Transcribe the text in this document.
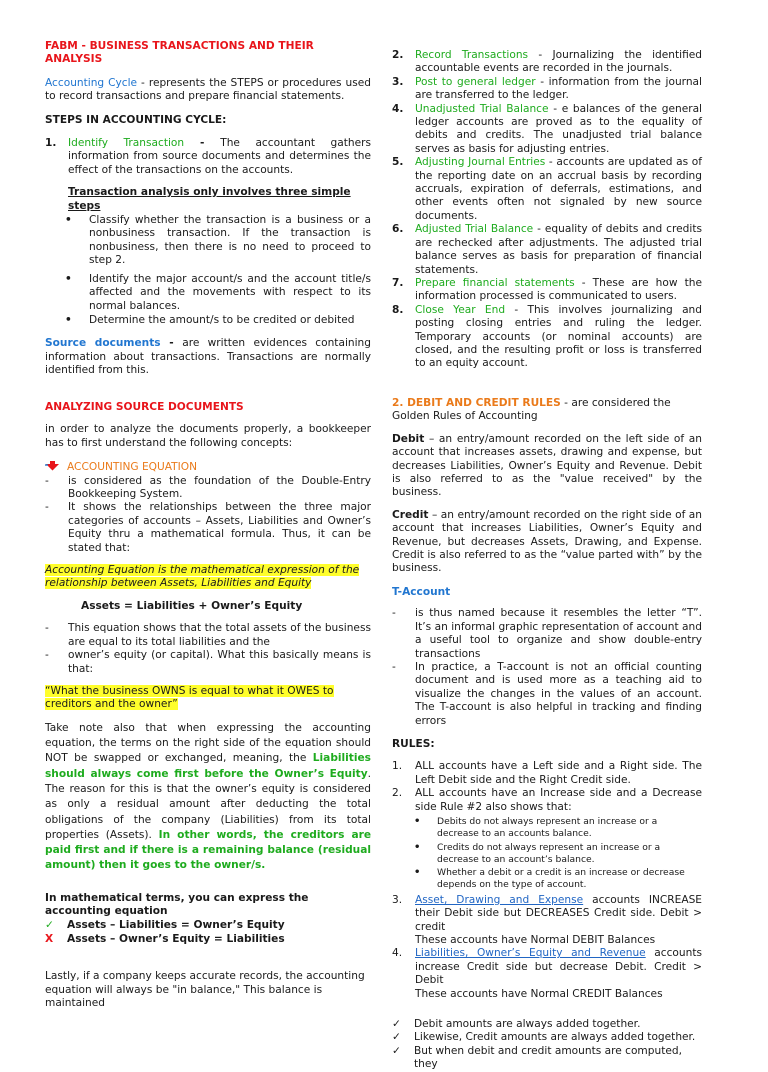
FABM - BUSINESS TRANSACTIONS AND THEIR ANALYSIS

Accounting Cycle - represents the STEPS or procedures used to record transactions and prepare financial statements.

STEPS IN ACCOUNTING CYCLE:

1. Identify Transaction - The accountant gathers information from source documents and determines the effect of the transactions on the accounts.

Transaction analysis only involves three simple steps

• Classify whether the transaction is a business or a nonbusiness transaction. If the transaction is nonbusiness, then there is no need to proceed to step 2.
• Identify the major account/s and the account title/s affected and the movements with respect to its normal balances.
• Determine the amount/s to be credited or debited

Source documents - are written evidences containing information about transactions. Transactions are normally identified from this.

2. Record Transactions - Journalizing the identified accountable events are recorded in the journals.
3. Post to general ledger - information from the journal are transferred to the ledger.
4. Unadjusted Trial Balance - e balances of the general ledger accounts are proved as to the equality of debits and credits. The unadjusted trial balance serves as basis for adjusting entries.
5. Adjusting Journal Entries - accounts are updated as of the reporting date on an accrual basis by recording accruals, expiration of deferrals, estimations, and other events often not signaled by new source documents.
6. Adjusted Trial Balance - equality of debits and credits are rechecked after adjustments. The adjusted trial balance serves as basis for preparation of financial statements.
7. Prepare financial statements - These are how the information processed is communicated to users.
8. Close Year End - This involves journalizing and posting closing entries and ruling the ledger. Temporary accounts (or nominal accounts) are closed, and the resulting profit or loss is transferred to an equity account.

ANALYZING SOURCE DOCUMENTS

in order to analyze the documents properly, a bookkeeper has to first understand the following concepts:

ACCOUNTING EQUATION

- is considered as the foundation of the Double-Entry Bookkeeping System.
- It shows the relationships between the three major categories of accounts – Assets, Liabilities and Owner’s Equity thru a mathematical formula. Thus, it can be stated that:

Accounting Equation is the mathematical expression of the relationship between Assets, Liabilities and Equity

Assets = Liabilities + Owner’s Equity

- This equation shows that the total assets of the business are equal to its total liabilities and the
- owner’s equity (or capital). What this basically means is that:

“What the business OWNS is equal to what it OWES to creditors and the owner”

Take note also that when expressing the accounting equation, the terms on the right side of the equation should NOT be swapped or exchanged, meaning, the Liabilities should always come first before the Owner’s Equity. The reason for this is that the owner’s equity is considered as only a residual amount after deducting the total obligations of the company (Liabilities) from its total properties (Assets). In other words, the creditors are paid first and if there is a remaining balance (residual amount) then it goes to the owner/s.

In mathematical terms, you can express the accounting equation

✓ Assets – Liabilities = Owner’s Equity
X Assets – Owner’s Equity = Liabilities

Lastly, if a company keeps accurate records, the accounting equation will always be "in balance," This balance is maintained

2. DEBIT AND CREDIT RULES - are considered the Golden Rules of Accounting

Debit – an entry/amount recorded on the left side of an account that increases assets, drawing and expense, but decreases Liabilities, Owner’s Equity and Revenue. Debit is also referred to as the "value received" by the business.

Credit – an entry/amount recorded on the right side of an account that increases Liabilities, Owner’s Equity and Revenue, but decreases Assets, Drawing, and Expense. Credit is also referred to as the “value parted with” by the business.

T-Account

- is thus named because it resembles the letter “T”. It’s an informal graphic representation of account and a useful tool to organize and show double-entry transactions
- In practice, a T-account is not an official counting document and is used more as a teaching aid to visualize the changes in the values of an account. The T-account is also helpful in tracking and finding errors

RULES:

1. ALL accounts have a Left side and a Right side. The Left Debit side and the Right Credit side.
2. ALL accounts have an Increase side and a Decrease side Rule #2 also shows that:
• Debits do not always represent an increase or a decrease to an accounts balance.
• Credits do not always represent an increase or a decrease to an account’s balance.
• Whether a debit or a credit is an increase or decrease depends on the type of account.
3. Asset, Drawing and Expense accounts INCREASE their Debit side but DECREASES Credit side. Debit > credit
These accounts have Normal DEBIT Balances
4. Liabilities, Owner’s Equity and Revenue accounts increase Credit side but decrease Debit. Credit > Debit
These accounts have Normal CREDIT Balances
✓ Debit amounts are always added together.
✓ Likewise, Credit amounts are always added together.
✓ But when debit and credit amounts are computed, they
